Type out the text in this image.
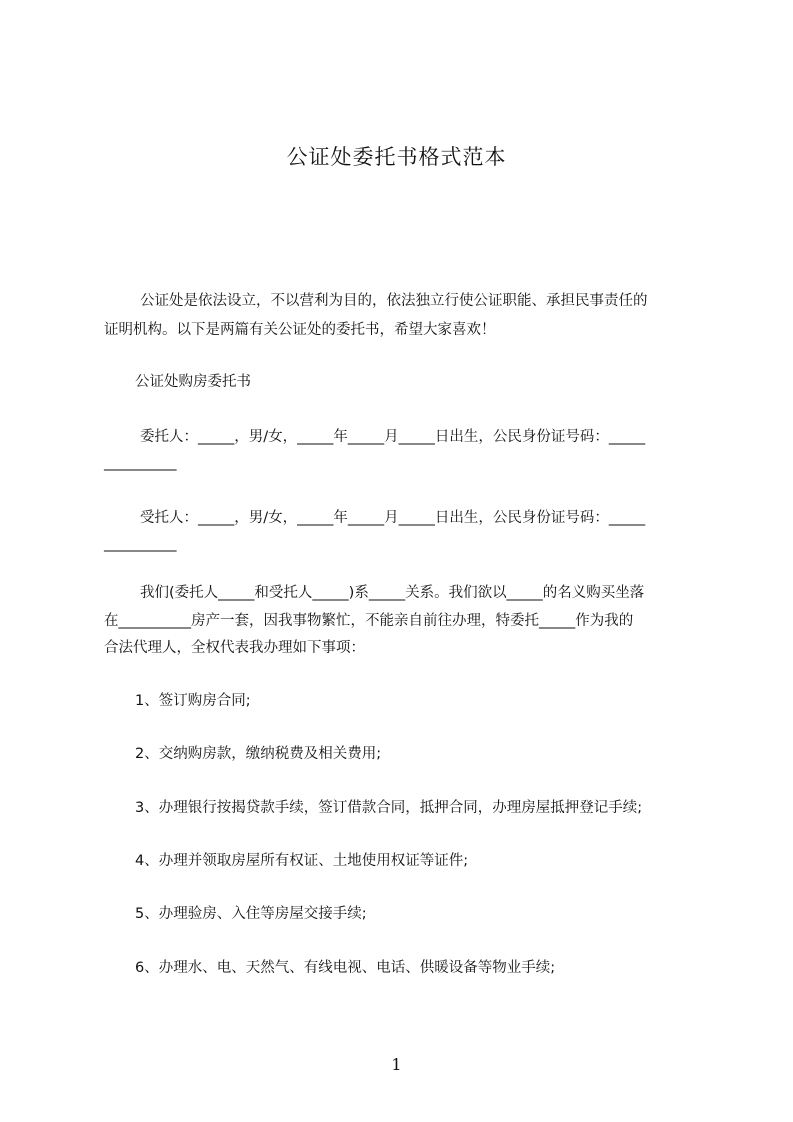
公证处委托书格式范本
公证处是依法设立，不以营利为目的，依法独立行使公证职能、承担民事责任的
证明机构。以下是两篇有关公证处的委托书，希望大家喜欢！
公证处购房委托书
委托人：_____，男/女，_____年_____月_____日出生，公民身份证号码：_____
__________
受托人：_____，男/女，_____年_____月_____日出生，公民身份证号码：_____
__________
我们(委托人_____和受托人_____)系_____关系。我们欲以_____的名义购买坐落
在__________房产一套，因我事物繁忙，不能亲自前往办理，特委托_____作为我的
合法代理人，全权代表我办理如下事项：
1、签订购房合同;
2、交纳购房款，缴纳税费及相关费用;
3、办理银行按揭贷款手续，签订借款合同，抵押合同，办理房屋抵押登记手续;
4、办理并领取房屋所有权证、土地使用权证等证件;
5、办理验房、入住等房屋交接手续;
6、办理水、电、天然气、有线电视、电话、供暖设备等物业手续;
1
